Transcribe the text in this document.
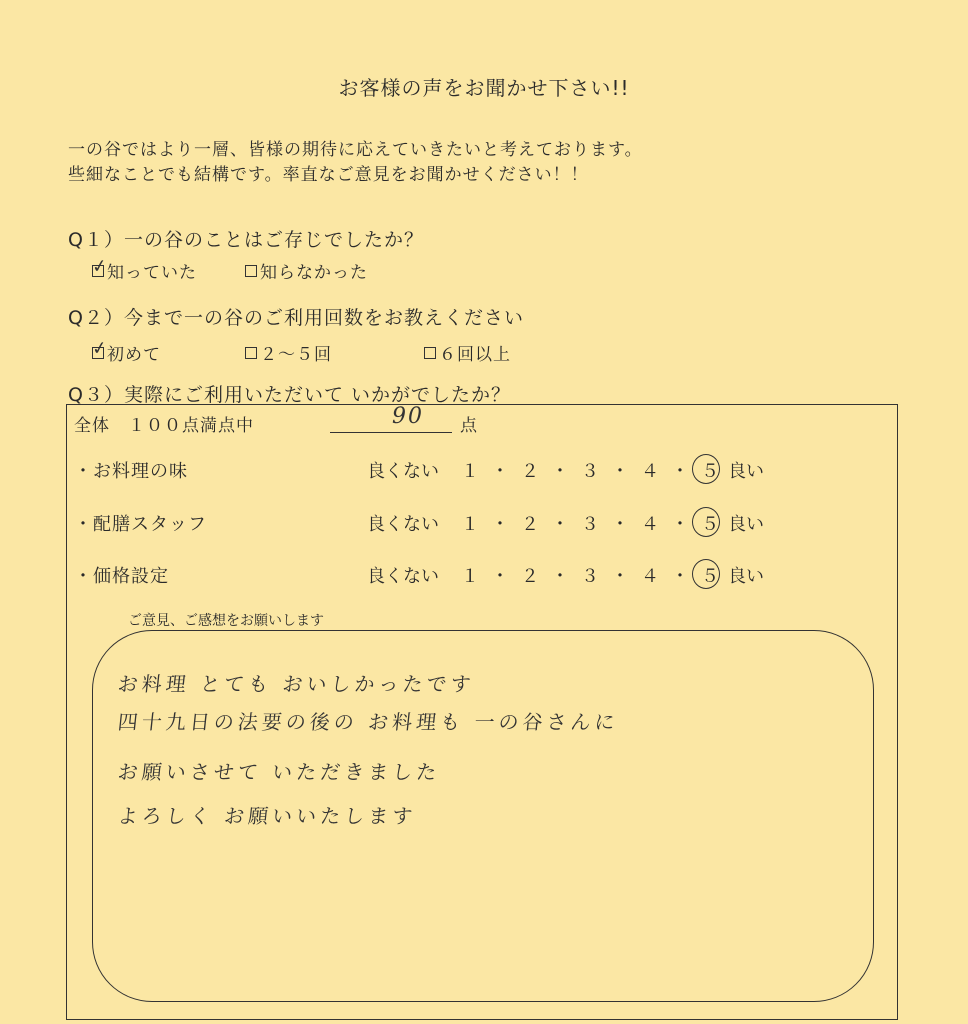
お客様の声をお聞かせ下さい!!
一の谷ではより一層、皆様の期待に応えていきたいと考えております。
些細なことでも結構です。率直なご意見をお聞かせください！！
Q１）一の谷のことはご存じでしたか？
✓
知っていた	知らなかった
Q２）今まで一の谷のご利用回数をお教えください
✓
初めて	２～５回	６回以上
Q３）実際にご利用いただいて いかがでしたか？
全体　１００点満点中	90 点
・お料理の味	良くない １ ・ ２ ・ ３ ・ ４ ・ ５ 良い
・配膳スタッフ	良くない １ ・ ２ ・ ３ ・ ４ ・ ５ 良い
・価格設定	良くない １ ・ ２ ・ ３ ・ ４ ・ ５ 良い
ご意見、ご感想をお願いします
お料理 とても おいしかったです
四十九日の法要の後の お料理も 一の谷さんに
お願いさせて いただきました
よろしく お願いいたします
